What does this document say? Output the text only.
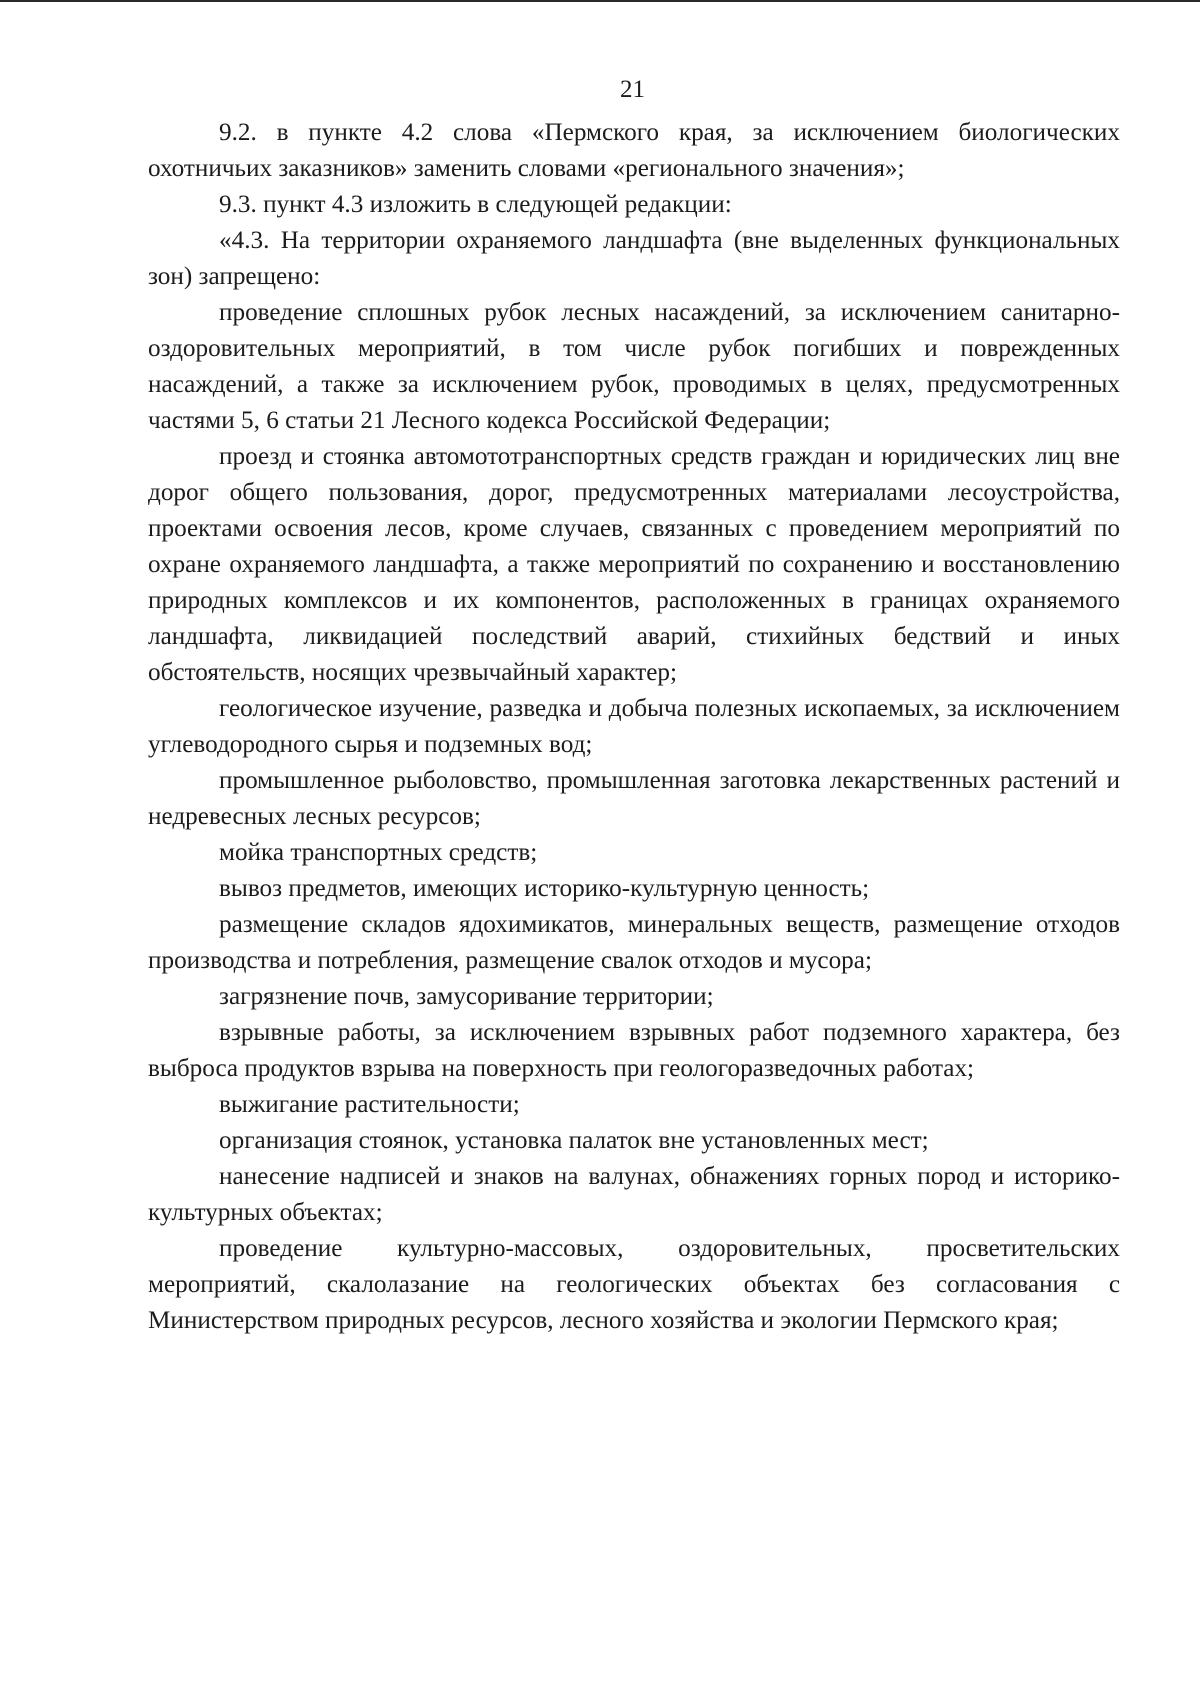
21

9.2. в пункте 4.2 слова «Пермского края, за исключением биологических охотничьих заказников» заменить словами «регионального значения»;

9.3. пункт 4.3 изложить в следующей редакции:

«4.3. На территории охраняемого ландшафта (вне выделенных функциональных зон) запрещено:

проведение сплошных рубок лесных насаждений, за исключением санитарно-оздоровительных мероприятий, в том числе рубок погибших и поврежденных насаждений, а также за исключением рубок, проводимых в целях, предусмотренных частями 5, 6 статьи 21 Лесного кодекса Российской Федерации;

проезд и стоянка автомототранспортных средств граждан и юридических лиц вне дорог общего пользования, дорог, предусмотренных материалами лесоустройства, проектами освоения лесов, кроме случаев, связанных с проведением мероприятий по охране охраняемого ландшафта, а также мероприятий по сохранению и восстановлению природных комплексов и их компонентов, расположенных в границах охраняемого ландшафта, ликвидацией последствий аварий, стихийных бедствий и иных обстоятельств, носящих чрезвычайный характер;

геологическое изучение, разведка и добыча полезных ископаемых, за исключением углеводородного сырья и подземных вод;

промышленное рыболовство, промышленная заготовка лекарственных растений и недревесных лесных ресурсов;

мойка транспортных средств;

вывоз предметов, имеющих историко-культурную ценность;

размещение складов ядохимикатов, минеральных веществ, размещение отходов производства и потребления, размещение свалок отходов и мусора;

загрязнение почв, замусоривание территории;

взрывные работы, за исключением взрывных работ подземного характера, без выброса продуктов взрыва на поверхность при геологоразведочных работах;

выжигание растительности;

организация стоянок, установка палаток вне установленных мест;

нанесение надписей и знаков на валунах, обнажениях горных пород и историко-культурных объектах;

проведение культурно-массовых, оздоровительных, просветительских мероприятий, скалолазание на геологических объектах без согласования с Министерством природных ресурсов, лесного хозяйства и экологии Пермского края;
